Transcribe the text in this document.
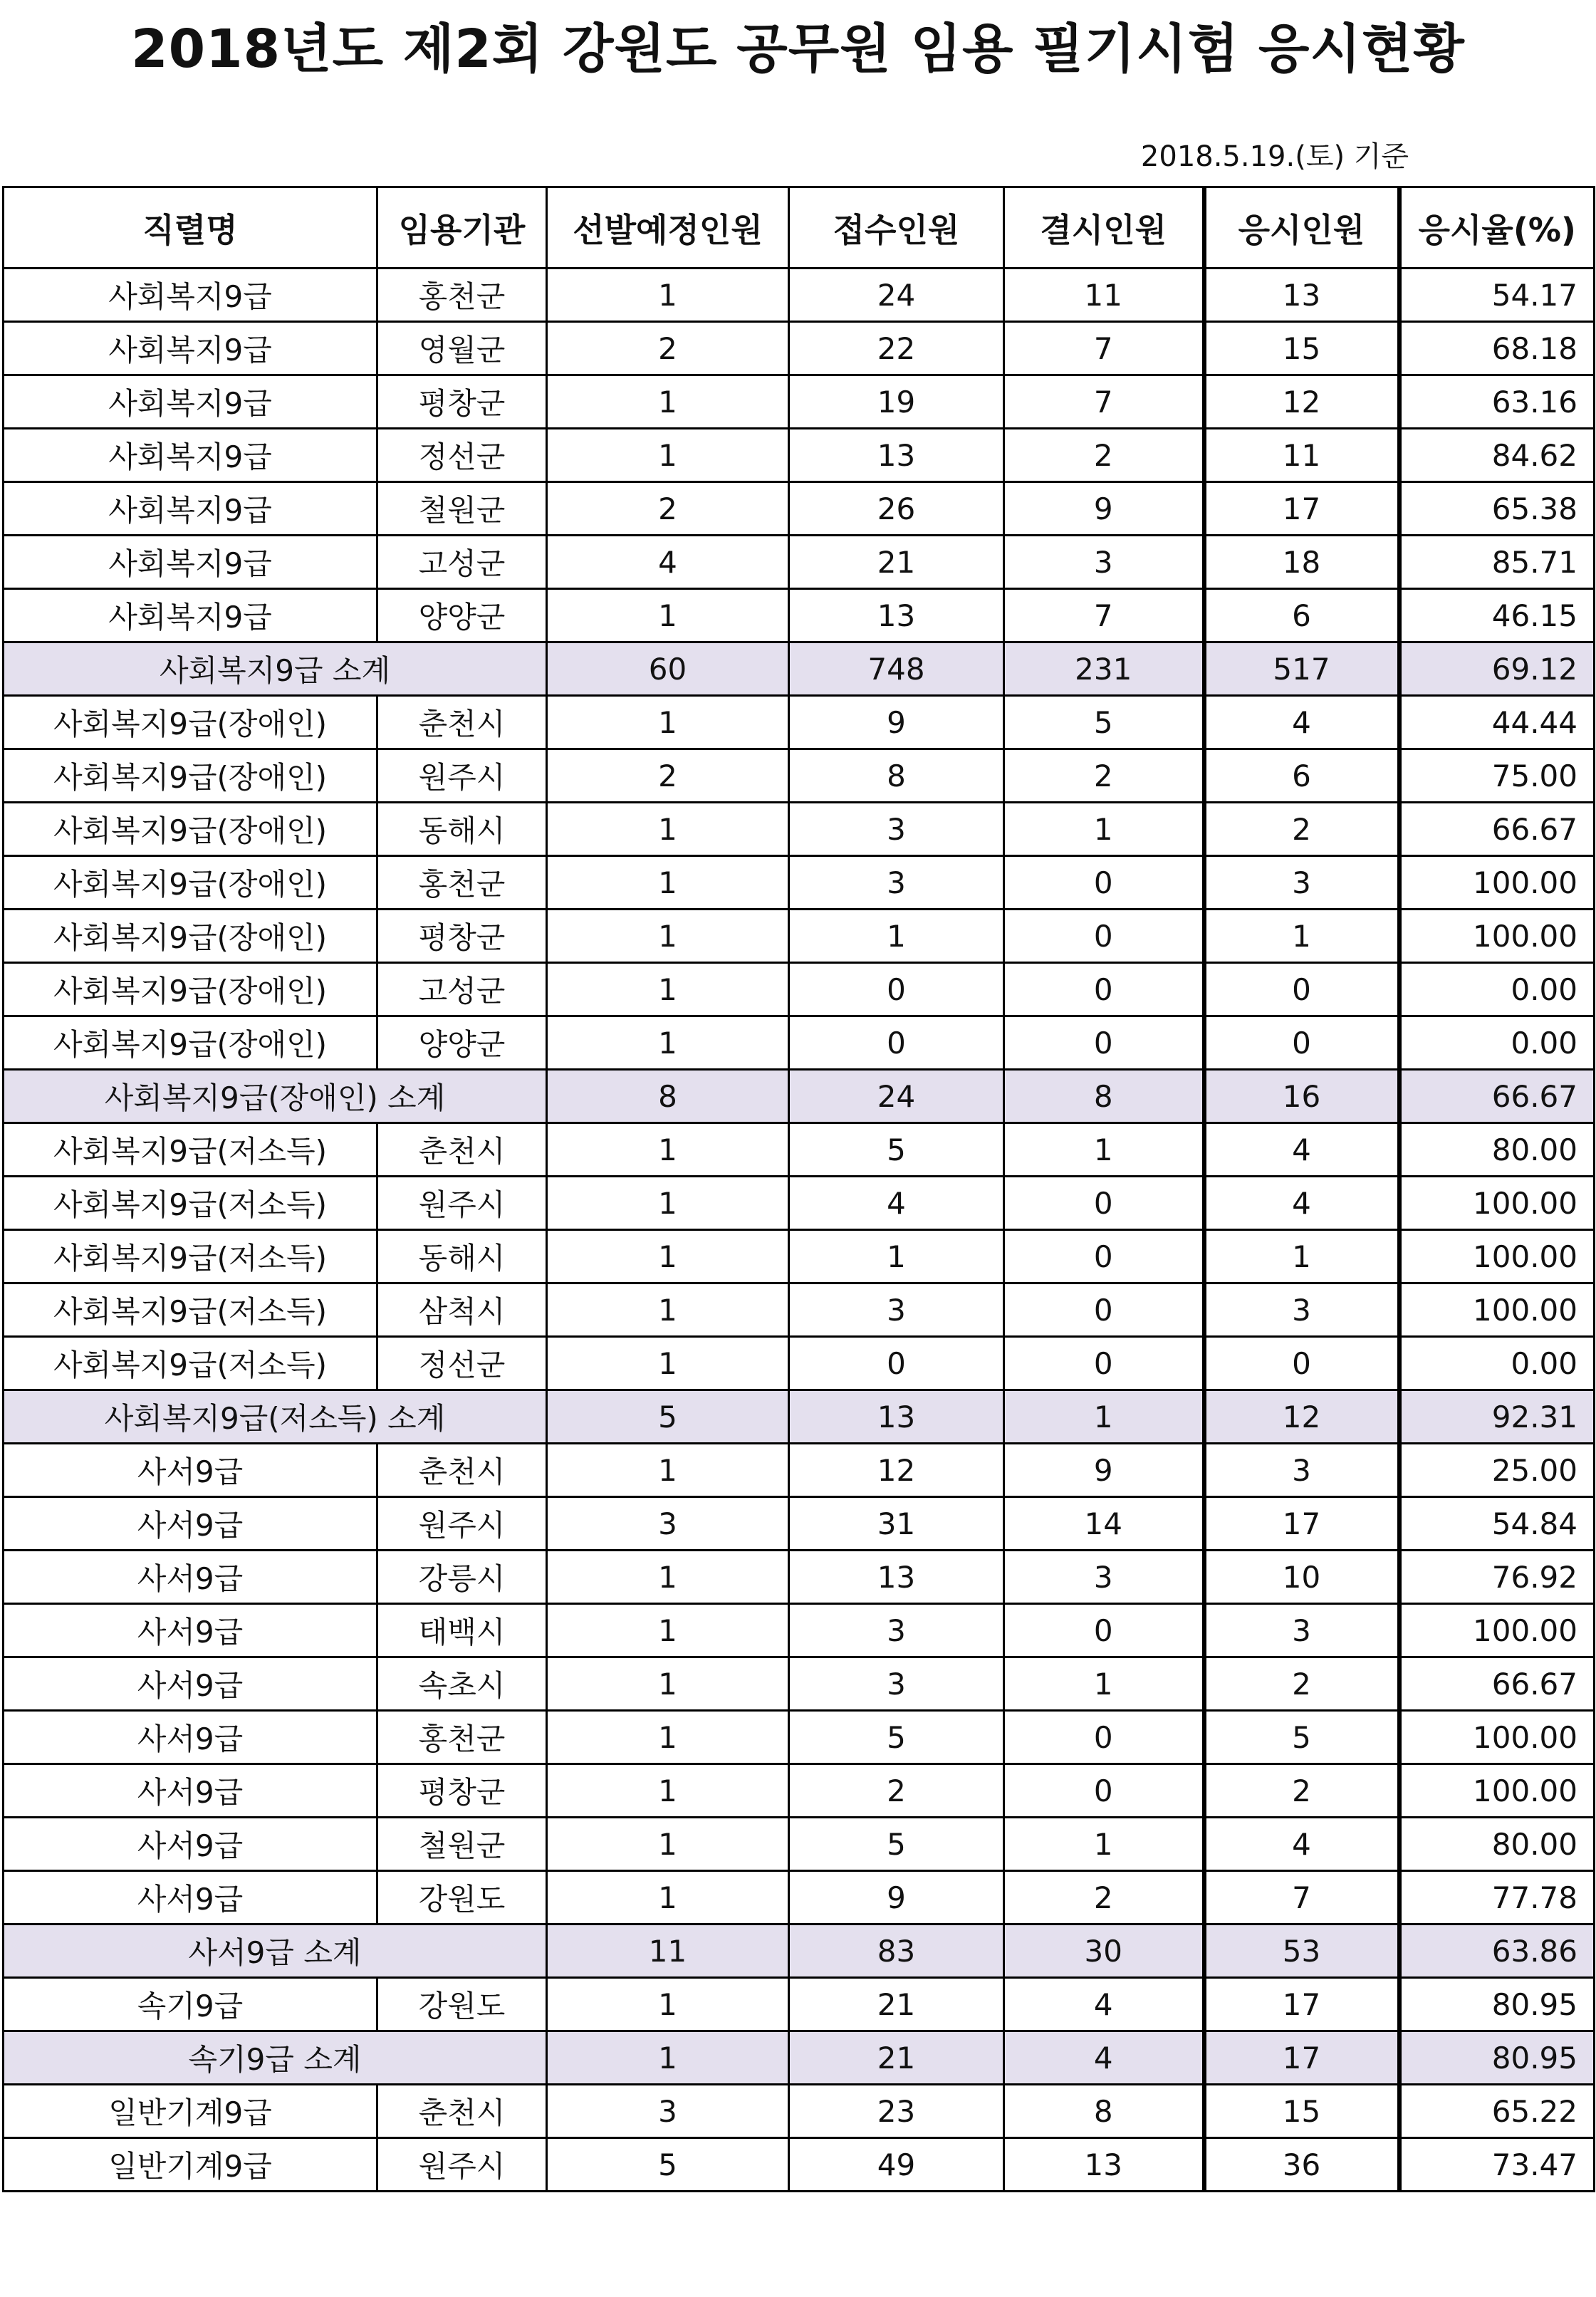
2018년도 제2회 강원도 공무원 임용 필기시험 응시현황
2018.5.19.(토) 기준
직렬명	임용기관	선발예정인원	접수인원	결시인원	응시인원	응시율(%)
사회복지9급	홍천군	1	24	11	13	54.17
사회복지9급	영월군	2	22	7	15	68.18
사회복지9급	평창군	1	19	7	12	63.16
사회복지9급	정선군	1	13	2	11	84.62
사회복지9급	철원군	2	26	9	17	65.38
사회복지9급	고성군	4	21	3	18	85.71
사회복지9급	양양군	1	13	7	6	46.15
사회복지9급 소계		60	748	231	517	69.12
사회복지9급(장애인)	춘천시	1	9	5	4	44.44
사회복지9급(장애인)	원주시	2	8	2	6	75.00
사회복지9급(장애인)	동해시	1	3	1	2	66.67
사회복지9급(장애인)	홍천군	1	3	0	3	100.00
사회복지9급(장애인)	평창군	1	1	0	1	100.00
사회복지9급(장애인)	고성군	1	0	0	0	0.00
사회복지9급(장애인)	양양군	1	0	0	0	0.00
사회복지9급(장애인) 소계		8	24	8	16	66.67
사회복지9급(저소득)	춘천시	1	5	1	4	80.00
사회복지9급(저소득)	원주시	1	4	0	4	100.00
사회복지9급(저소득)	동해시	1	1	0	1	100.00
사회복지9급(저소득)	삼척시	1	3	0	3	100.00
사회복지9급(저소득)	정선군	1	0	0	0	0.00
사회복지9급(저소득) 소계		5	13	1	12	92.31
사서9급	춘천시	1	12	9	3	25.00
사서9급	원주시	3	31	14	17	54.84
사서9급	강릉시	1	13	3	10	76.92
사서9급	태백시	1	3	0	3	100.00
사서9급	속초시	1	3	1	2	66.67
사서9급	홍천군	1	5	0	5	100.00
사서9급	평창군	1	2	0	2	100.00
사서9급	철원군	1	5	1	4	80.00
사서9급	강원도	1	9	2	7	77.78
사서9급 소계		11	83	30	53	63.86
속기9급	강원도	1	21	4	17	80.95
속기9급 소계		1	21	4	17	80.95
일반기계9급	춘천시	3	23	8	15	65.22
일반기계9급	원주시	5	49	13	36	73.47
